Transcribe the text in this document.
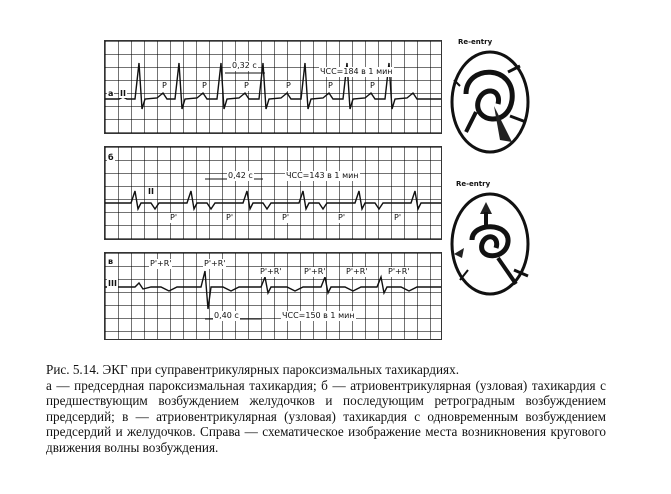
а II
0,32 с
ЧСС=184 в 1 мин
P	P	P	P	P	P
б
II
0,42 с	ЧСС=143 в 1 мин
P'	P'	P'	P'	P'
в
III
0,40 с	ЧСС=150 в 1 мин
P'+R'	P'+R'
P'+R'	P'+R'	P'+R'	P'+R'
Re-entry
Re-entry
Рис. 5.14. ЭКГ при суправентрикулярных пароксизмальных тахикардиях.
а — предсердная пароксизмальная тахикардия; б — атриовентрикулярная (узловая) тахикардия с предшествующим возбуждением желудочков и последующим ретроградным возбуждением предсердий; в — атриовентрикулярная (узловая) тахикардия с одновременным возбуждением предсердий и желудочков. Справа — схематическое изображение места возникновения кругового движения волны возбуждения.
